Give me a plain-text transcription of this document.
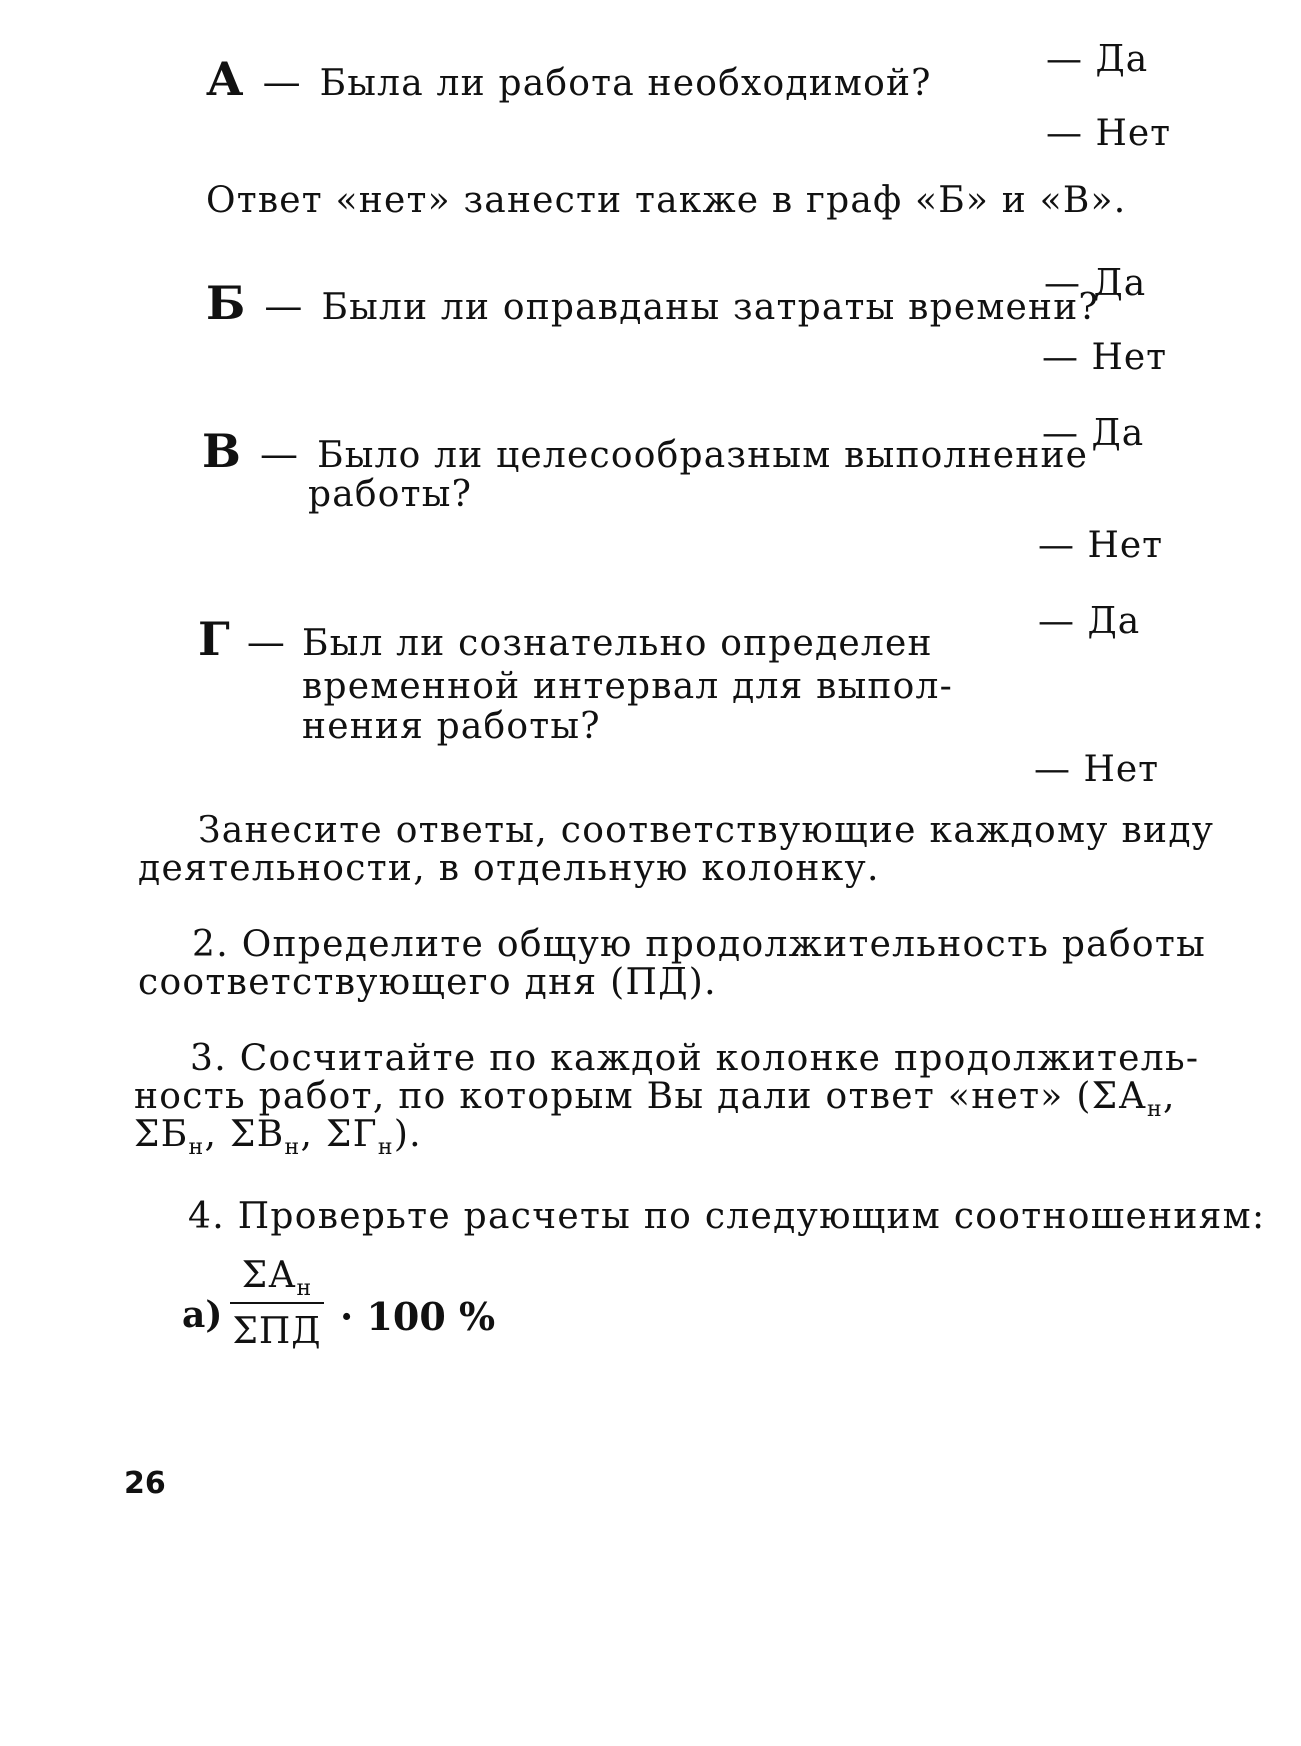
А — Была ли работа необходимой?
— Да
— Нет
Ответ «нет» занести также в граф «Б» и «В».
Б — Были ли оправданы затраты времени?
— Да
— Нет
В — Было ли целесообразным выполнение
работы?
— Да
— Нет
Г — Был ли сознательно определен
временной интервал для выпол-
нения работы?
— Да
— Нет
Занесите ответы, соответствующие каждому виду
деятельности, в отдельную колонку.
2. Определите общую продолжительность работы
соответствующего дня (ПД).
3. Сосчитайте по каждой колонке продолжитель-
ность работ, по которым Вы дали ответ «нет» ($\Sigma А_н$,
$\Sigma Б_н$, $\Sigma В_н$, $\Sigma Г_н$).
4. Проверьте расчеты по следующим соотношениям:
а)
$\Sigma А_н$
ΣПД · 100 %
26
